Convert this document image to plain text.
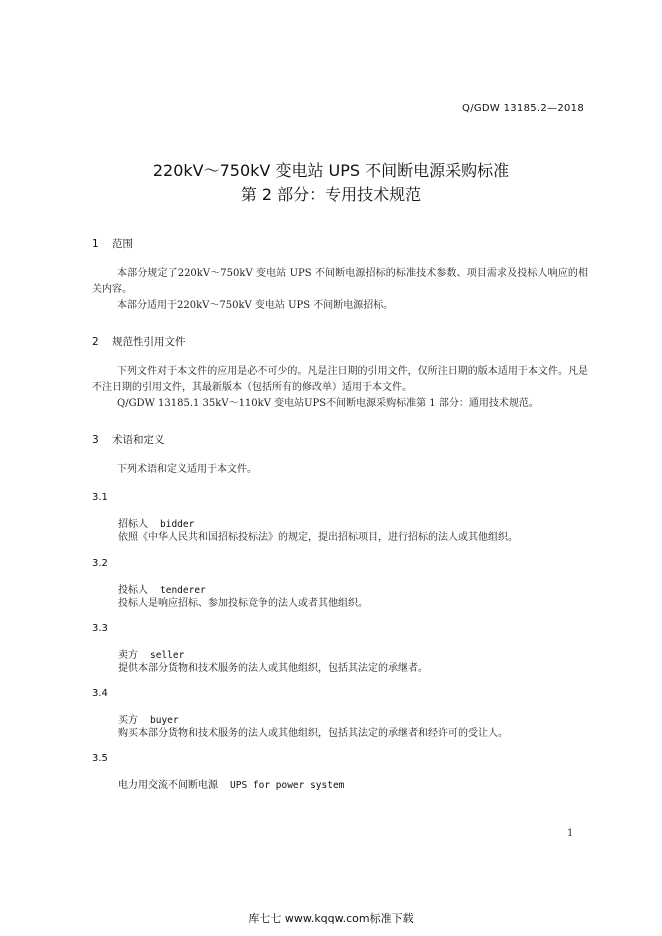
Q/GDW 13185.2—2018
220kV～750kV 变电站 UPS 不间断电源采购标准
第 2 部分：专用技术规范
1 范围
本部分规定了220kV～750kV 变电站 UPS 不间断电源招标的标准技术参数、项目需求及投标人响应的相关内容。
本部分适用于220kV～750kV 变电站 UPS 不间断电源招标。
2 规范性引用文件
下列文件对于本文件的应用是必不可少的。凡是注日期的引用文件，仅所注日期的版本适用于本文件。凡是不注日期的引用文件，其最新版本（包括所有的修改单）适用于本文件。
Q/GDW 13185.1 35kV～110kV 变电站UPS不间断电源采购标准第 1 部分：通用技术规范。
3 术语和定义
下列术语和定义适用于本文件。
3.1
招标人 bidder
依照《中华人民共和国招标投标法》的规定，提出招标项目，进行招标的法人或其他组织。
3.2
投标人 tenderer
投标人是响应招标、参加投标竞争的法人或者其他组织。
3.3
卖方 seller
提供本部分货物和技术服务的法人或其他组织，包括其法定的承继者。
3.4
买方 buyer
购买本部分货物和技术服务的法人或其他组织，包括其法定的承继者和经许可的受让人。
3.5
电力用交流不间断电源 UPS for power system
1
库七七 www.kqqw.com标准下载
